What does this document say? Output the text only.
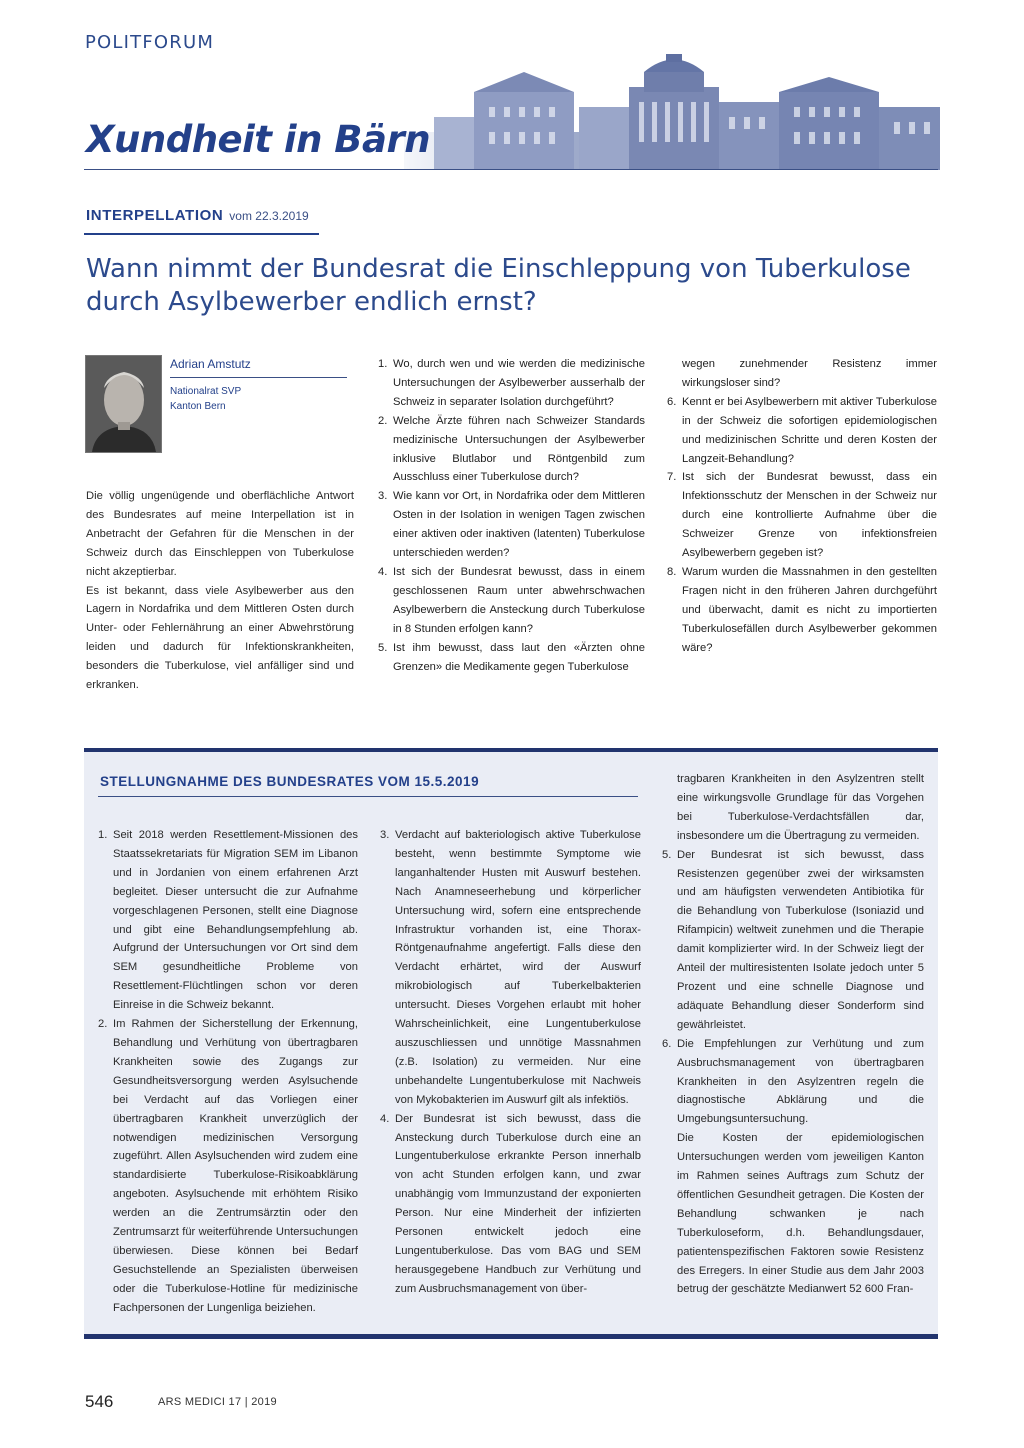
POLITFORUM
Xundheit in Bärn
INTERPELLATION vom 22.3.2019
Wann nimmt der Bundesrat die Einschleppung von Tuberkulose
durch Asylbewerber endlich ernst?
Adrian Amstutz
Nationalrat SVP
Kanton Bern

Die völlig ungenügende und oberflächliche Antwort des Bundesrates auf meine Interpellation ist in Anbetracht der Gefahren für die Menschen in der Schweiz durch das Einschleppen von Tuberkulose nicht akzeptierbar.

Es ist bekannt, dass viele Asylbewerber aus den Lagern in Nordafrika und dem Mittleren Osten durch Unter- oder Fehlernährung an einer Abwehrstörung leiden und dadurch für Infektionskrankheiten, besonders die Tuberkulose, viel anfälliger sind und erkranken.

1. Wo, durch wen und wie werden die medizinische Untersuchungen der Asylbewerber ausserhalb der Schweiz in separater Isolation durchgeführt?
2. Welche Ärzte führen nach Schweizer Standards medizinische Untersuchungen der Asylbewerber inklusive Blutlabor und Röntgenbild zum Ausschluss einer Tuberkulose durch?
3. Wie kann vor Ort, in Nordafrika oder dem Mittleren Osten in der Isolation in wenigen Tagen zwischen einer aktiven oder inaktiven (latenten) Tuberkulose unterschieden werden?
4. Ist sich der Bundesrat bewusst, dass in einem geschlossenen Raum unter abwehrschwachen Asylbewerbern die Ansteckung durch Tuberkulose in 8 Stunden erfolgen kann?
5. Ist ihm bewusst, dass laut den «Ärzten ohne Grenzen» die Medikamente gegen Tuberkulose
wegen zunehmender Resistenz immer wirkungsloser sind?
6. Kennt er bei Asylbewerbern mit aktiver Tuberkulose in der Schweiz die sofortigen epidemiologischen und medizinischen Schritte und deren Kosten der Langzeit-Behandlung?
7. Ist sich der Bundesrat bewusst, dass ein Infektionsschutz der Menschen in der Schweiz nur durch eine kontrollierte Aufnahme über die Schweizer Grenze von infektionsfreien Asylbewerbern gegeben ist?
8. Warum wurden die Massnahmen in den gestellten Fragen nicht in den früheren Jahren durchgeführt und überwacht, damit es nicht zu importierten Tuberkulosefällen durch Asylbewerber gekommen wäre?
STELLUNGNAHME DES BUNDESRATES VOM 15.5.2019
1. Seit 2018 werden Resettlement-Missionen des Staatssekretariats für Migration SEM im Libanon und in Jordanien von einem erfahrenen Arzt begleitet. Dieser untersucht die zur Aufnahme vorgeschlagenen Personen, stellt eine Diagnose und gibt eine Behandlungsempfehlung ab. Aufgrund der Untersuchungen vor Ort sind dem SEM gesundheitliche Probleme von Resettlement-Flüchtlingen schon vor deren Einreise in die Schweiz bekannt.
2. Im Rahmen der Sicherstellung der Erkennung, Behandlung und Verhütung von übertragbaren Krankheiten sowie des Zugangs zur Gesundheitsversorgung werden Asylsuchende bei Verdacht auf das Vorliegen einer übertragbaren Krankheit unverzüglich der notwendigen medizinischen Versorgung zugeführt. Allen Asylsuchenden wird zudem eine standardisierte Tuberkulose-Risikoabklärung angeboten. Asylsuchende mit erhöhtem Risiko werden an die Zentrumsärztin oder den Zentrumsarzt für weiterführende Untersuchungen überwiesen. Diese können bei Bedarf Gesuchstellende an Spezialisten überweisen oder die Tuberkulose-Hotline für medizinische Fachpersonen der Lungenliga beiziehen.
3. Verdacht auf bakteriologisch aktive Tuberkulose besteht, wenn bestimmte Symptome wie langanhaltender Husten mit Auswurf bestehen. Nach Anamneseerhebung und körperlicher Untersuchung wird, sofern eine entsprechende Infrastruktur vorhanden ist, eine Thorax-Röntgenaufnahme angefertigt. Falls diese den Verdacht erhärtet, wird der Auswurf mikrobiologisch auf Tuberkelbakterien untersucht. Dieses Vorgehen erlaubt mit hoher Wahrscheinlichkeit, eine Lungentuberkulose auszuschliessen und unnötige Massnahmen (z.B. Isolation) zu vermeiden. Nur eine unbehandelte Lungentuberkulose mit Nachweis von Mykobakterien im Auswurf gilt als infektiös.
4. Der Bundesrat ist sich bewusst, dass die Ansteckung durch Tuberkulose durch eine an Lungentuberkulose erkrankte Person innerhalb von acht Stunden erfolgen kann, und zwar unabhängig vom Immunzustand der exponierten Person. Nur eine Minderheit der infizierten Personen entwickelt jedoch eine Lungentuberkulose. Das vom BAG und SEM herausgegebene Handbuch zur Verhütung und zum Ausbruchsmanagement von über-
tragbaren Krankheiten in den Asylzentren stellt eine wirkungsvolle Grundlage für das Vorgehen bei Tuberkulose-Verdachtsfällen dar, insbesondere um die Übertragung zu vermeiden.
5. Der Bundesrat ist sich bewusst, dass Resistenzen gegenüber zwei der wirksamsten und am häufigsten verwendeten Antibiotika für die Behandlung von Tuberkulose (Isoniazid und Rifampicin) weltweit zunehmen und die Therapie damit komplizierter wird. In der Schweiz liegt der Anteil der multiresistenten Isolate jedoch unter 5 Prozent und eine schnelle Diagnose und adäquate Behandlung dieser Sonderform sind gewährleistet.
6. Die Empfehlungen zur Verhütung und zum Ausbruchsmanagement von übertragbaren Krankheiten in den Asylzentren regeln die diagnostische Abklärung und die Umgebungsuntersuchung.

Die Kosten der epidemiologischen Untersuchungen werden vom jeweiligen Kanton im Rahmen seines Auftrags zum Schutz der öffentlichen Gesundheit getragen. Die Kosten der Behandlung schwanken je nach Tuberkuloseform, d.h. Behandlungsdauer, patientenspezifischen Faktoren sowie Resistenz des Erregers. In einer Studie aus dem Jahr 2003 betrug der geschätzte Medianwert 52 600 Fran-

546	ARS MEDICI 17 | 2019
